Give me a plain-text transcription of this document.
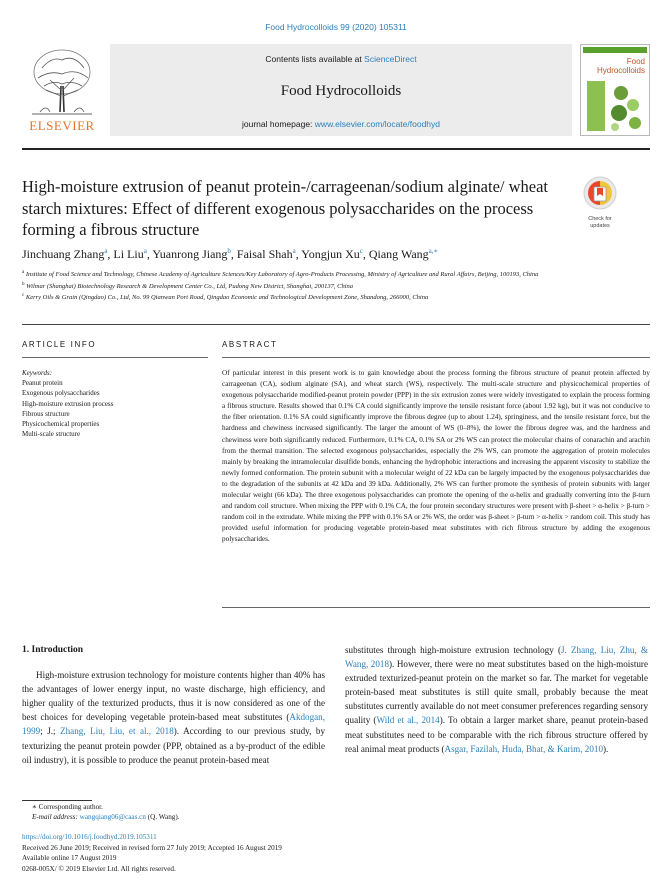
Food Hydrocolloids 99 (2020) 105311
ELSEVIER
Contents lists available at ScienceDirect
Food Hydrocolloids
journal homepage: www.elsevier.com/locate/foodhyd
Food
Hydrocolloids
High-moisture extrusion of peanut protein-/carrageenan/sodium alginate/ wheat starch mixtures: Effect of different exogenous polysaccharides on the process forming a fibrous structure
Check for
updates
Jinchuang Zhang$^a$, Li Liu$^a$, Yuanrong Jiang$^b$, Faisal Shah$^a$, Yongjun Xu$^c$, Qiang Wang$^{a,∗}$
$^a$ Institute of Food Science and Technology, Chinese Academy of Agriculture Sciences/Key Laboratory of Agro-Products Processing, Ministry of Agriculture and Rural Affairs, Beijing, 100193, China
$^b$ Wilmar (Shanghai) Biotechnology Research & Development Center Co., Ltd, Pudong New District, Shanghai, 200137, China
$^c$ Kerry Oils & Grain (Qingdao) Co., Ltd, No. 99 Qianwan Port Road, Qingdao Economic and Technological Development Zone, Shandong, 266000, China
ARTICLE INFO
Keywords:
Peanut protein
Exogenous polysaccharides
High-moisture extrusion process
Fibrous structure
Physicochemical properties
Multi-scale structure
ABSTRACT

Of particular interest in this present work is to gain knowledge about the process forming the fibrous structure of peanut protein affected by carrageenan (CA), sodium alginate (SA), and wheat starch (WS), respectively. The multi-scale structure and physicochemical properties of exogenous polysaccharide modified-peanut protein powder (PPP) in the six extrusion zones were widely investigated to explain the process forming a fibrous structure. Results showed that 0.1% CA could significantly improve the tensile resistant force (about 1.92 kg), but it was not conducive to the fiber orientation. 0.1% SA could significantly improve the fibrous degree (up to about 1.24), springiness, and the tensile resistant force, but the hardness and chewiness increased significantly. The larger the amount of WS (0–8%), the lower the fibrous degree was, and the hardness and chewiness were both significantly reduced. Furthermore, 0.1% CA, 0.1% SA or 2% WS can protect the molecular chains of conarachin and arachin from the thermal transition. The selected exogenous polysaccharides, especially the 2% WS, can promote the aggregation of protein molecules mainly by breaking the intramolecular disulfide bonds, enhancing the hydrophobic interactions and increasing the apparent viscosity to stabilize the newly formed conformation. The protein subunit with a molecular weight of 22 kDa can be largely impacted by the exogenous polysaccharides due to the degradation of the subunits at 42 kDa and 39 kDa. Additionally, 2% WS can further promote the synthesis of protein subunits with larger molecular weight (66 kDa). The three exogenous polysaccharides can promote the opening of the α-helix and gradually converting into the β-turn and random coil structure. When mixing the PPP with 0.1% CA, the four protein secondary structures were present with β-sheet > α-helix > β-turn > random coil in the extrudate. While mixing the PPP with 0.1% SA or 2% WS, the order was β-sheet > β-turn > α-helix > random coil. This study has provided useful information for producing vegetable protein-based meat substitutes with rich fibrous structure by adding the exogenous polysaccharides.

1. Introduction

High-moisture extrusion technology for moisture contents higher than 40% has the advantages of lower energy input, no waste discharge, high efficiency, and higher quality of the texturized products, thus it is now considered as one of the best choices for developing vegetable protein-based meat substitutes (Akdogan, 1999; J.; Zhang, Liu, Liu, et al., 2018). According to our previous study, by texturizing the peanut protein powder (PPP, obtained as a by-product of the edible oil industry), it is possible to produce the peanut protein-based meat

substitutes through high-moisture extrusion technology (J. Zhang, Liu, Zhu, & Wang, 2018). However, there were no meat substitutes based on the high-moisture extruded texturized-peanut protein on the market so far. The market for vegetable protein-based meat substitutes is still quite small, probably because the meat substitutes currently available do not meet consumer preferences regarding sensory quality (Wild et al., 2014). To obtain a larger market share, peanut protein-based meat substitutes need to be comparable with the rich fibrous structure offered by real animal meat products (Asgar, Fazilah, Huda, Bhat, & Karim, 2010).

∗ Corresponding author.
E-mail address: wangqiang06@caas.cn (Q. Wang).
https://doi.org/10.1016/j.foodhyd.2019.105311
Received 26 June 2019; Received in revised form 27 July 2019; Accepted 16 August 2019
Available online 17 August 2019
0268-005X/ © 2019 Elsevier Ltd. All rights reserved.
